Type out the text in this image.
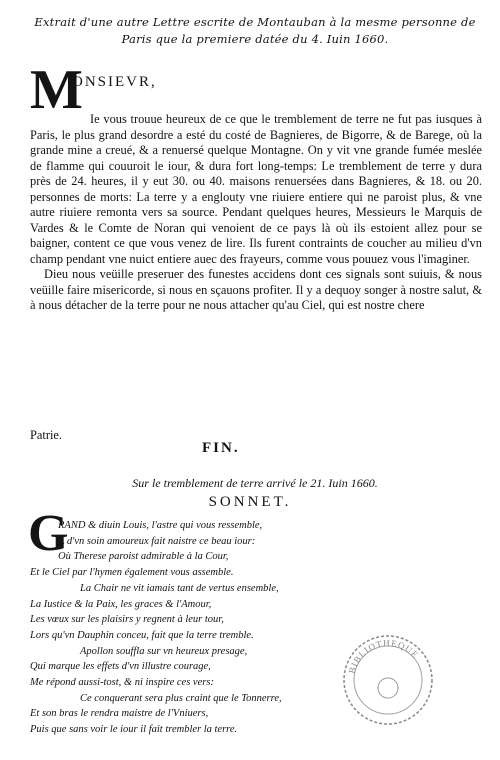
Extrait d'une autre Lettre escrite de Montauban à la mesme personne de Paris que la premiere datée du 4. Iuin 1660.
M
ONSIEVR,

Ie vous trouue heureux de ce que le tremblement de terre ne fut pas iusques à Paris, le plus grand desordre a esté du costé de Bagnieres, de Bigorre, & de Barege, où la grande mine a creué, & a renuersé quelque Montagne. On y vit vne grande fumée meslée de flamme qui couuroit le iour, & dura fort long-temps: Le tremblement de terre y dura près de 24. heures, il y eut 30. ou 40. maisons renuersées dans Bagnieres, & 18. ou 20. personnes de morts: La terre y a englouty vne riuiere entiere qui ne paroist plus, & vne autre riuiere remonta vers sa source. Pendant quelques heures, Messieurs le Marquis de Vardes & le Comte de Noran qui venoient de ce pays là où ils estoient allez pour se baigner, content ce que vous venez de lire. Ils furent contraints de coucher au milieu d'vn champ pendant vne nuict entiere auec des frayeurs, comme vous pouuez vous l'imaginer.

Dieu nous veüille preseruer des funestes accidens dont ces signals sont suiuis, & nous veüille faire misericorde, si nous en sçauons profiter. Il y a dequoy songer à nostre salut, & à nous détacher de la terre pour ne nous attacher qu'au Ciel, qui est nostre chere

Patrie.
FIN.
Sur le tremblement de terre arrivé le 21. Iuin 1660.
SONNET.
G
RAND & diuin Louis, l'astre qui vous ressemble,
A d'vn soin amoureux fait naistre ce beau iour:
Où Therese paroist admirable à la Cour,
Et le Ciel par l'hymen également vous assemble.
La Chair ne vit iamais tant de vertus ensemble,
La Iustice & la Paix, les graces & l'Amour,
Les vœux sur les plaisirs y regnent à leur tour,
Lors qu'vn Dauphin conceu, fait que la terre tremble.
Apollon souffla sur vn heureux presage,
Qui marque les effets d'vn illustre courage,
Me répond aussi-tost, & ni inspire ces vers:
Ce conquerant sera plus craint que le Tonnerre,
Et son bras le rendra maistre de l'Vniuers,
Puis que sans voir le iour il fait trembler la terre.
BIBLIOTHEQUE
